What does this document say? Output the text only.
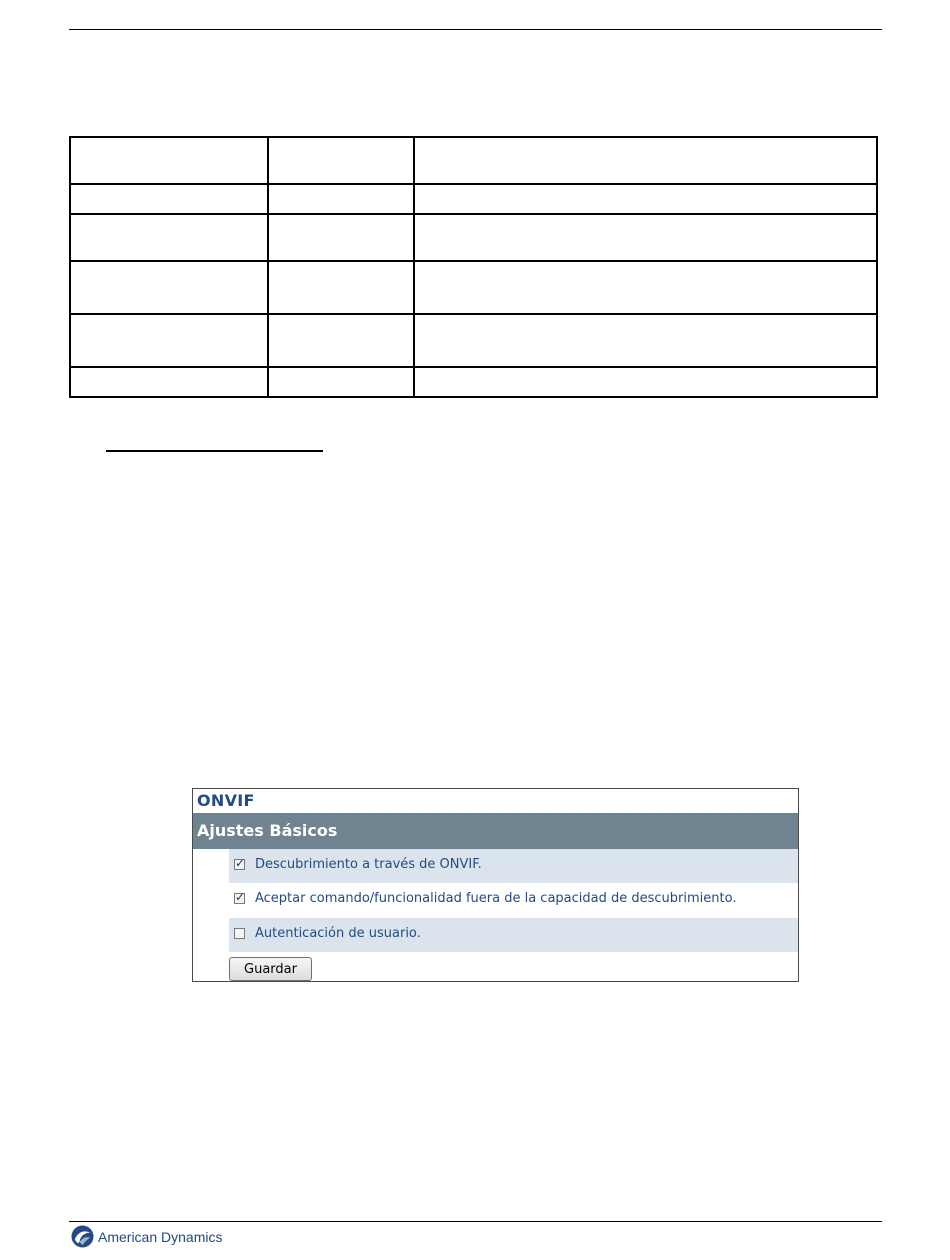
ONVIF
Ajustes Básicos
✓ Descubrimiento a través de ONVIF.
✓ Aceptar comando/funcionalidad fuera de la capacidad de descubrimiento.
Autenticación de usuario.
Guardar
American Dynamics
